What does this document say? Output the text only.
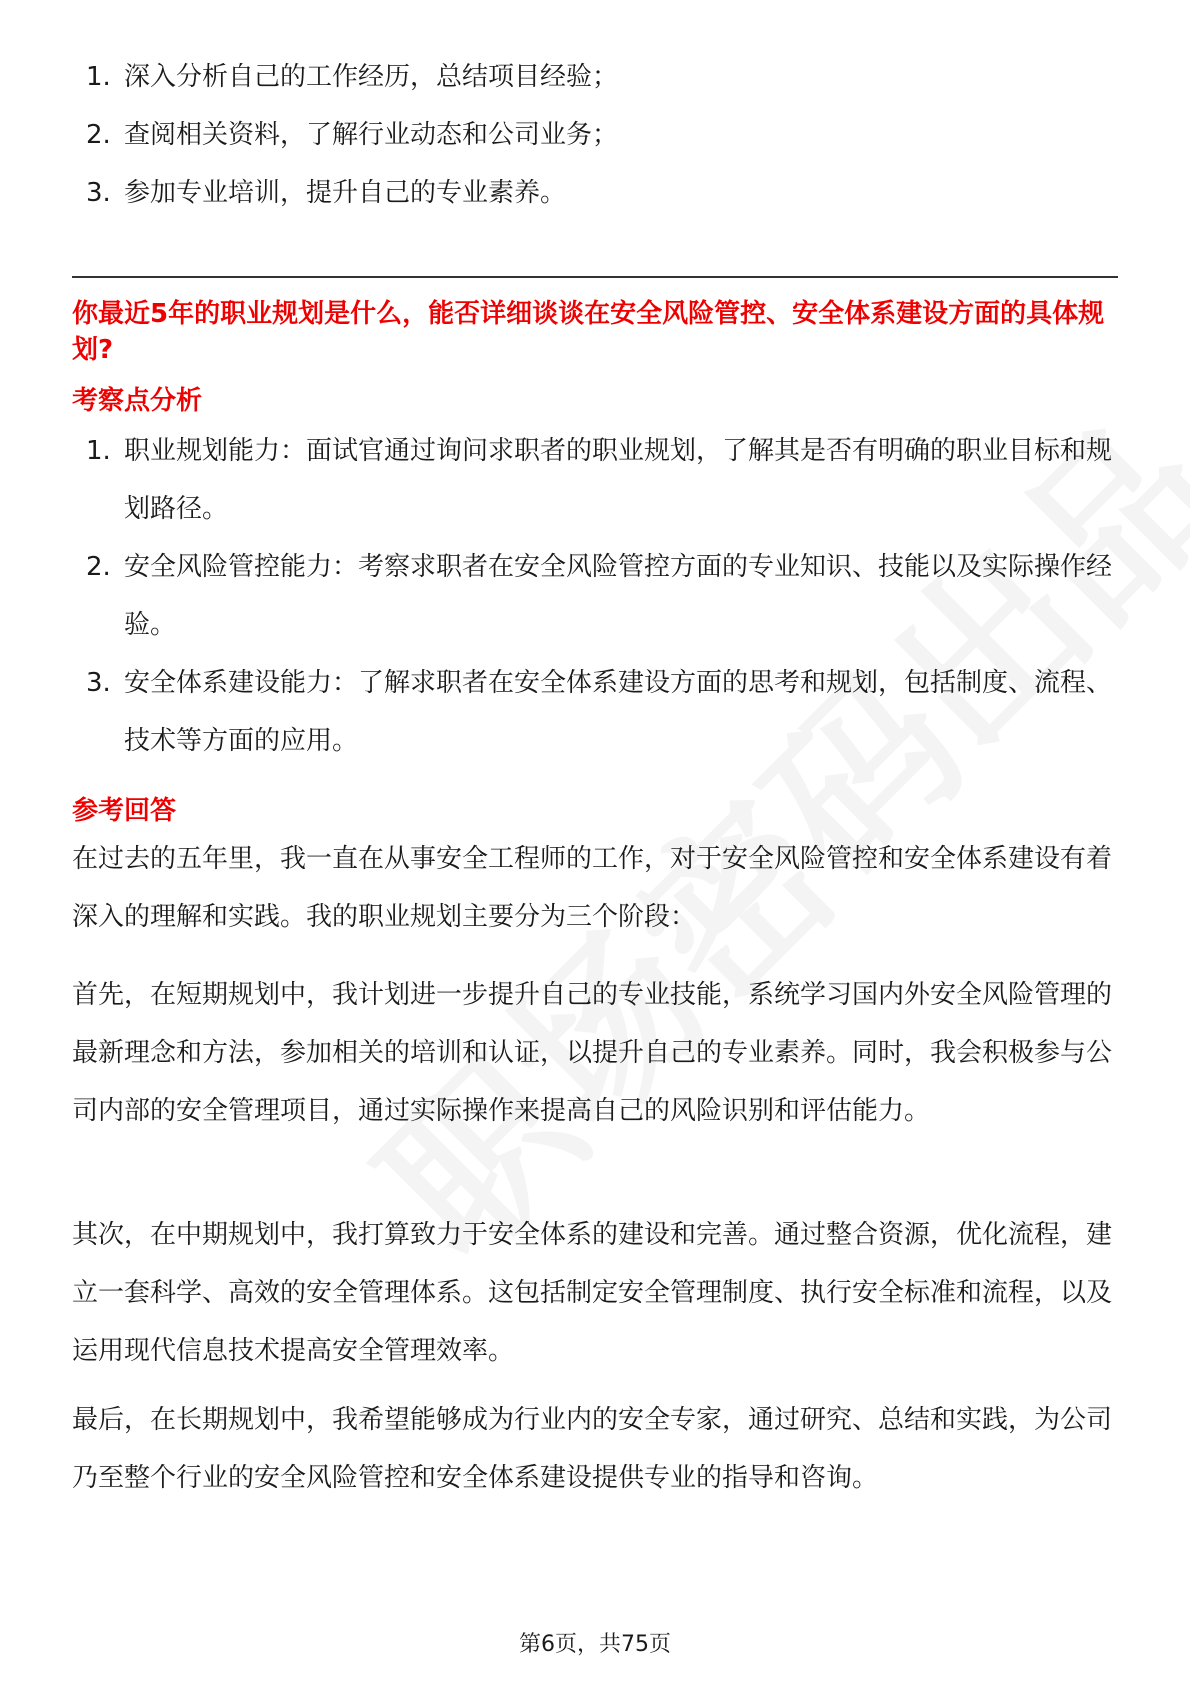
1. 深入分析自己的工作经历，总结项目经验；
2. 查阅相关资料，了解行业动态和公司业务；
3. 参加专业培训，提升自己的专业素养。

你最近5年的职业规划是什么，能否详细谈谈在安全风险管控、安全体系建设方面的具体规划?

考察点分析

1. 职业规划能力：面试官通过询问求职者的职业规划，了解其是否有明确的职业目标和规划路径。
2. 安全风险管控能力：考察求职者在安全风险管控方面的专业知识、技能以及实际操作经验。
3. 安全体系建设能力：了解求职者在安全体系建设方面的思考和规划，包括制度、流程、技术等方面的应用。

参考回答

在过去的五年里，我一直在从事安全工程师的工作，对于安全风险管控和安全体系建设有着深入的理解和实践。我的职业规划主要分为三个阶段：

首先，在短期规划中，我计划进一步提升自己的专业技能，系统学习国内外安全风险管理的最新理念和方法，参加相关的培训和认证，以提升自己的专业素养。同时，我会积极参与公司内部的安全管理项目，通过实际操作来提高自己的风险识别和评估能力。

其次，在中期规划中，我打算致力于安全体系的建设和完善。通过整合资源，优化流程，建立一套科学、高效的安全管理体系。这包括制定安全管理制度、执行安全标准和流程，以及运用现代信息技术提高安全管理效率。

最后，在长期规划中，我希望能够成为行业内的安全专家，通过研究、总结和实践，为公司乃至整个行业的安全风险管控和安全体系建设提供专业的指导和咨询。

第6页，共75页
